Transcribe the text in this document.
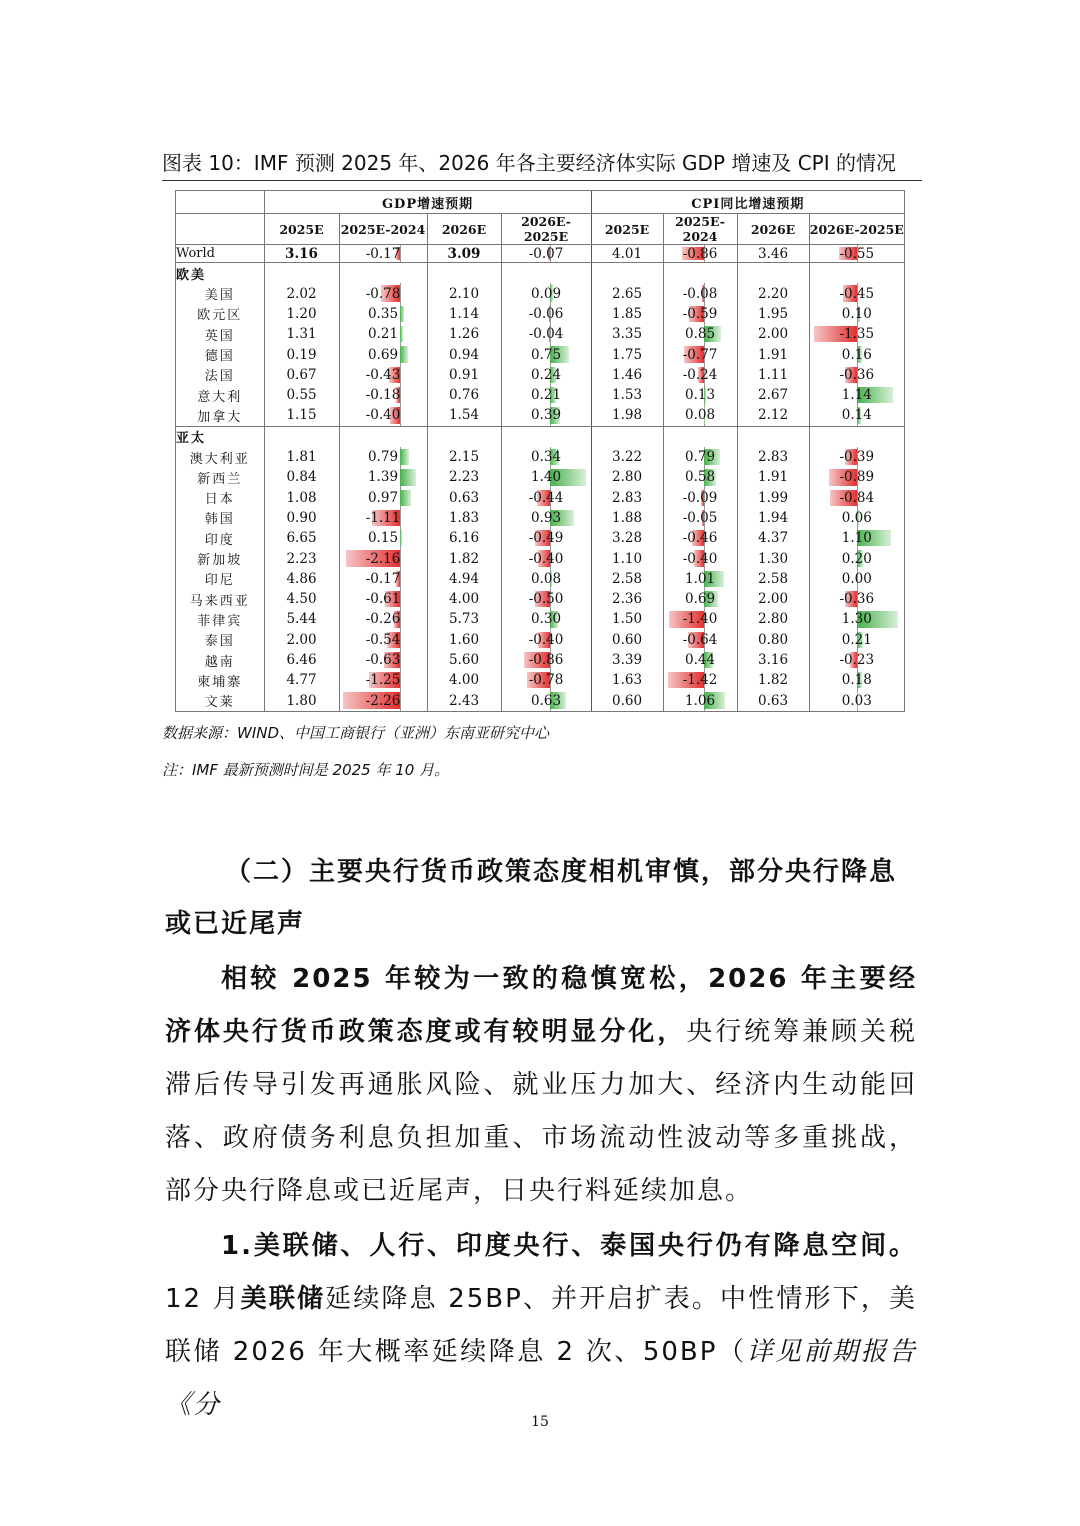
图表 10：IMF 预测 2025 年、2026 年各主要经济体实际 GDP 增速及 CPI 的情况
	GDP增速预期				CPI同比增速预期			
	2025E	2025E-2024	2026E	2026E-2025E	2025E	2025E-2024	2026E	2026E-2025E
World	3.16	-0.17	3.09	-0.07	4.01	-0.86	3.46	-0.55
欧美								
美国	2.02	-0.78	2.10	0.09	2.65	-0.08	2.20	-0.45
欧元区	1.20	0.35	1.14	-0.06	1.85	-0.59	1.95	0.10
英国	1.31	0.21	1.26	-0.04	3.35	0.85	2.00	-1.35
德国	0.19	0.69	0.94	0.75	1.75	-0.77	1.91	0.16
法国	0.67	-0.43	0.91	0.24	1.46	-0.24	1.11	-0.36
意大利	0.55	-0.18	0.76	0.21	1.53	0.13	2.67	1.14
加拿大	1.15	-0.40	1.54	0.39	1.98	0.08	2.12	0.14
亚太								
澳大利亚	1.81	0.79	2.15	0.34	3.22	0.79	2.83	-0.39
新西兰	0.84	1.39	2.23	1.40	2.80	0.58	1.91	-0.89
日本	1.08	0.97	0.63	-0.44	2.83	-0.09	1.99	-0.84
韩国	0.90	-1.11	1.83	0.93	1.88	-0.05	1.94	0.06
印度	6.65	0.15	6.16	-0.49	3.28	-0.46	4.37	1.10
新加坡	2.23	-2.16	1.82	-0.40	1.10	-0.40	1.30	0.20
印尼	4.86	-0.17	4.94	0.08	2.58	1.01	2.58	0.00
马来西亚	4.50	-0.61	4.00	-0.50	2.36	0.69	2.00	-0.36
菲律宾	5.44	-0.26	5.73	0.30	1.50	-1.40	2.80	1.30
泰国	2.00	-0.54	1.60	-0.40	0.60	-0.64	0.80	0.21
越南	6.46	-0.63	5.60	-0.86	3.39	0.44	3.16	-0.23
柬埔寨	4.77	-1.25	4.00	-0.78	1.63	-1.42	1.82	0.18
文莱	1.80	-2.26	2.43	0.63	0.60	1.06	0.63	0.03
数据来源：WIND、中国工商银行（亚洲）东南亚研究中心
注：IMF 最新预测时间是 2025 年 10 月。
（二）主要央行货币政策态度相机审慎，部分央行降息
或已近尾声
相较 2025 年较为一致的稳慎宽松，2026 年主要经济体央行货币政策态度或有较明显分化，央行统筹兼顾关税滞后传导引发再通胀风险、就业压力加大、经济内生动能回落、政府债务利息负担加重、市场流动性波动等多重挑战，部分央行降息或已近尾声，日央行料延续加息。
1.美联储、人行、印度央行、泰国央行仍有降息空间。12 月美联储延续降息 25BP、并开启扩表。中性情形下，美联储 2026 年大概率延续降息 2 次、50BP（详见前期报告《分
15
